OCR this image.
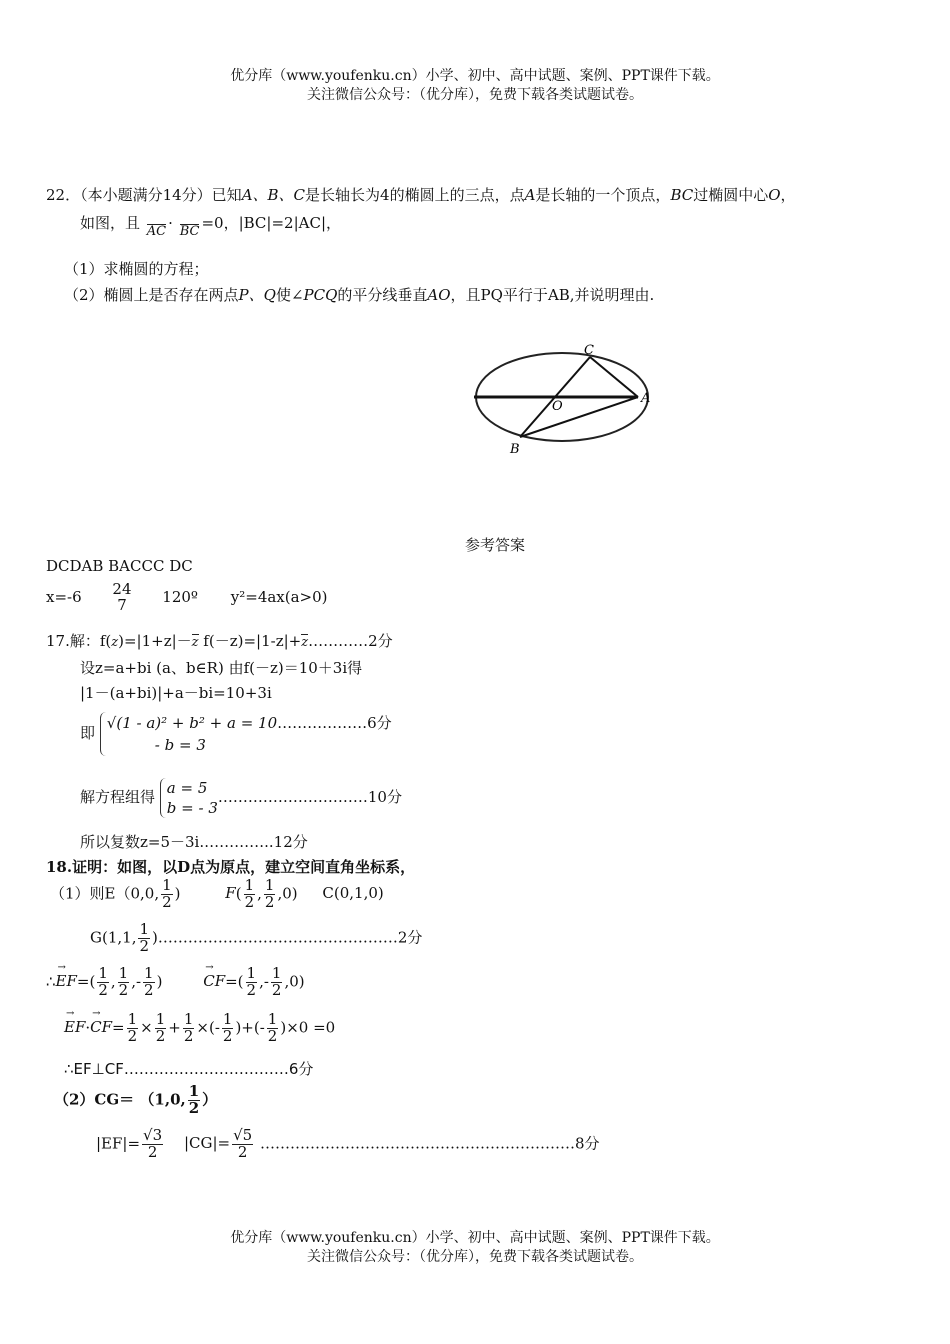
优分库（www.youfenku.cn）小学、初中、高中试题、案例、PPT课件下载。
关注微信公众号：（优分库），免费下载各类试题试卷。
22．（本小题满分14分）已知A、B、C是长轴长为4的椭圆上的三点，点A是长轴的一个顶点，BC过椭圆中心O，
如图，且
AC ·
BC =0，|BC|=2|AC|，
（1）求椭圆的方程；
（2）椭圆上是否存在两点P、Q使∠PCQ的平分线垂直AO，且PQ平行于AB,并说明理由.
C
A
O
B
参考答案
DCDAB BACCC DC
x=-6 24
7	120º y²=4ax(a>0)
17.解：f(z)=|1+z|－z f(－z)=|1-z|+z…………2分
设z=a+bi (a、b∈R) 由f(－z)＝10＋3i得
|1－(a+bi)|+a－bi=10+3i
即
√(1 - a)² + b² + a = 10
- b = 3
………………6分
解方程组得 a = 5
b = - 3
…………………………10分
所以复数z=5－3i.…………..12分
18.证明：如图，以D点为原点，建立空间直角坐标系，
（1）则E（0,0, $\frac{1}{2}$ )	$F( \frac{1}{2}$ , $\frac{1}{2} ,0$) C(0,1,0)
G(1,1, $\frac{1}{2}$ )…………………………………………2分
∴→ $EF=( \frac{1}{2}$ , $\frac{1}{2}$ ,- $\frac{1}{2}$ ) → $CF=( \frac{1}{2}$ ,- $\frac{1}{2} ,0$)
→ $EF\cdot\to CF= \frac{1}{2} \times \frac{1}{2} + \frac{1}{2}$ ×(- $\frac{1}{2}$ )+(- $\frac{1}{2} )\times 0 =0$
∴EF⊥CF……………………………6分
（2）CG＝ （1,0, $\frac{1}{2}$ ）
$|EF|= \frac{√3}{2} |CG|= \frac{√5}{2}$ ………………………………………………………8分
优分库（www.youfenku.cn）小学、初中、高中试题、案例、PPT课件下载。
关注微信公众号：（优分库），免费下载各类试题试卷。
